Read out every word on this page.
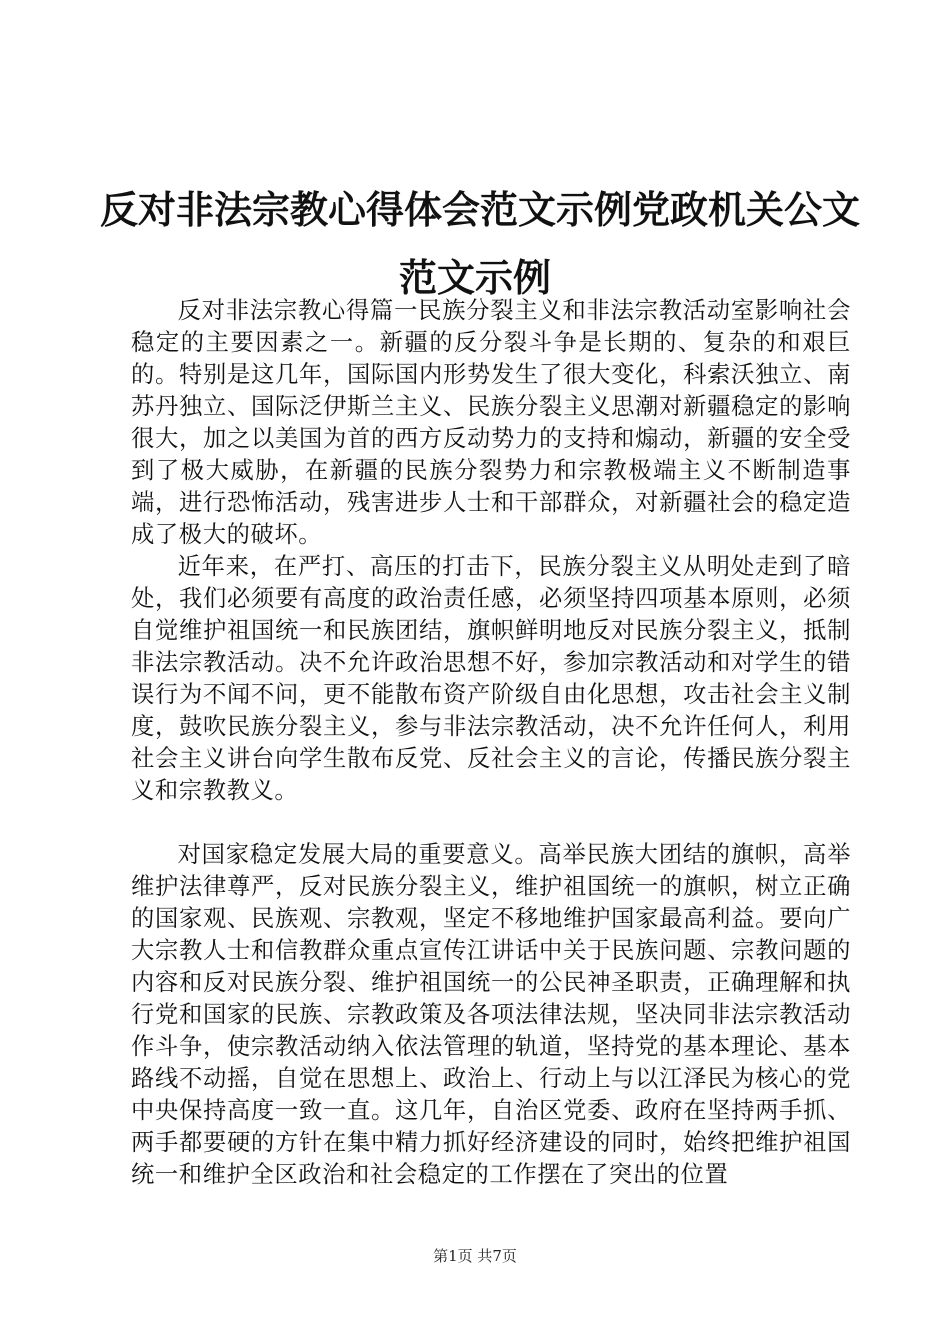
反对非法宗教心得体会范文示例党政机关公文
范文示例

反对非法宗教心得篇一民族分裂主义和非法宗教活动室影响社会稳定的主要因素之一。新疆的反分裂斗争是长期的、复杂的和艰巨的。特别是这几年，国际国内形势发生了很大变化，科索沃独立、南苏丹独立、国际泛伊斯兰主义、民族分裂主义思潮对新疆稳定的影响很大，加之以美国为首的西方反动势力的支持和煽动，新疆的安全受到了极大威胁，在新疆的民族分裂势力和宗教极端主义不断制造事端，进行恐怖活动，残害进步人士和干部群众，对新疆社会的稳定造成了极大的破坏。

近年来，在严打、高压的打击下，民族分裂主义从明处走到了暗处，我们必须要有高度的政治责任感，必须坚持四项基本原则，必须自觉维护祖国统一和民族团结，旗帜鲜明地反对民族分裂主义，抵制非法宗教活动。决不允许政治思想不好，参加宗教活动和对学生的错误行为不闻不问，更不能散布资产阶级自由化思想，攻击社会主义制度，鼓吹民族分裂主义，参与非法宗教活动，决不允许任何人，利用社会主义讲台向学生散布反党、反社会主义的言论，传播民族分裂主义和宗教教义。

对国家稳定发展大局的重要意义。高举民族大团结的旗帜，高举维护法律尊严，反对民族分裂主义，维护祖国统一的旗帜，树立正确的国家观、民族观、宗教观，坚定不移地维护国家最高利益。要向广大宗教人士和信教群众重点宣传江讲话中关于民族问题、宗教问题的内容和反对民族分裂、维护祖国统一的公民神圣职责，正确理解和执行党和国家的民族、宗教政策及各项法律法规，坚决同非法宗教活动作斗争，使宗教活动纳入依法管理的轨道，坚持党的基本理论、基本路线不动摇，自觉在思想上、政治上、行动上与以江泽民为核心的党中央保持高度一致一直。这几年，自治区党委、政府在坚持两手抓、两手都要硬的方针在集中精力抓好经济建设的同时，始终把维护祖国统一和维护全区政治和社会稳定的工作摆在了突出的位置

第1页 共7页
